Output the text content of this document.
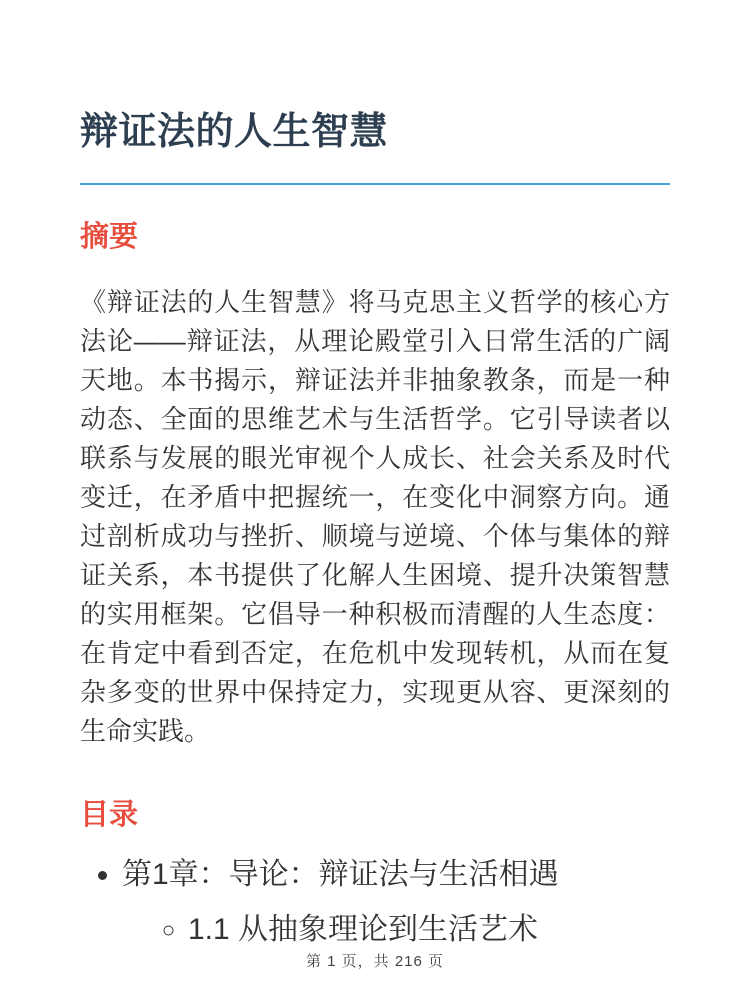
辩证法的人生智慧
摘要

《辩证法的人生智慧》将马克思主义哲学的核心方法论——辩证法，从理论殿堂引入日常生活的广阔天地。本书揭示，辩证法并非抽象教条，而是一种动态、全面的思维艺术与生活哲学。它引导读者以联系与发展的眼光审视个人成长、社会关系及时代变迁，在矛盾中把握统一，在变化中洞察方向。通过剖析成功与挫折、顺境与逆境、个体与集体的辩证关系，本书提供了化解人生困境、提升决策智慧的实用框架。它倡导一种积极而清醒的人生态度：在肯定中看到否定，在危机中发现转机，从而在复杂多变的世界中保持定力，实现更从容、更深刻的生命实践。

目录
• 第1章：导论：辩证法与生活相遇
◦ 1.1 从抽象理论到生活艺术
第 1 页，共 216 页
